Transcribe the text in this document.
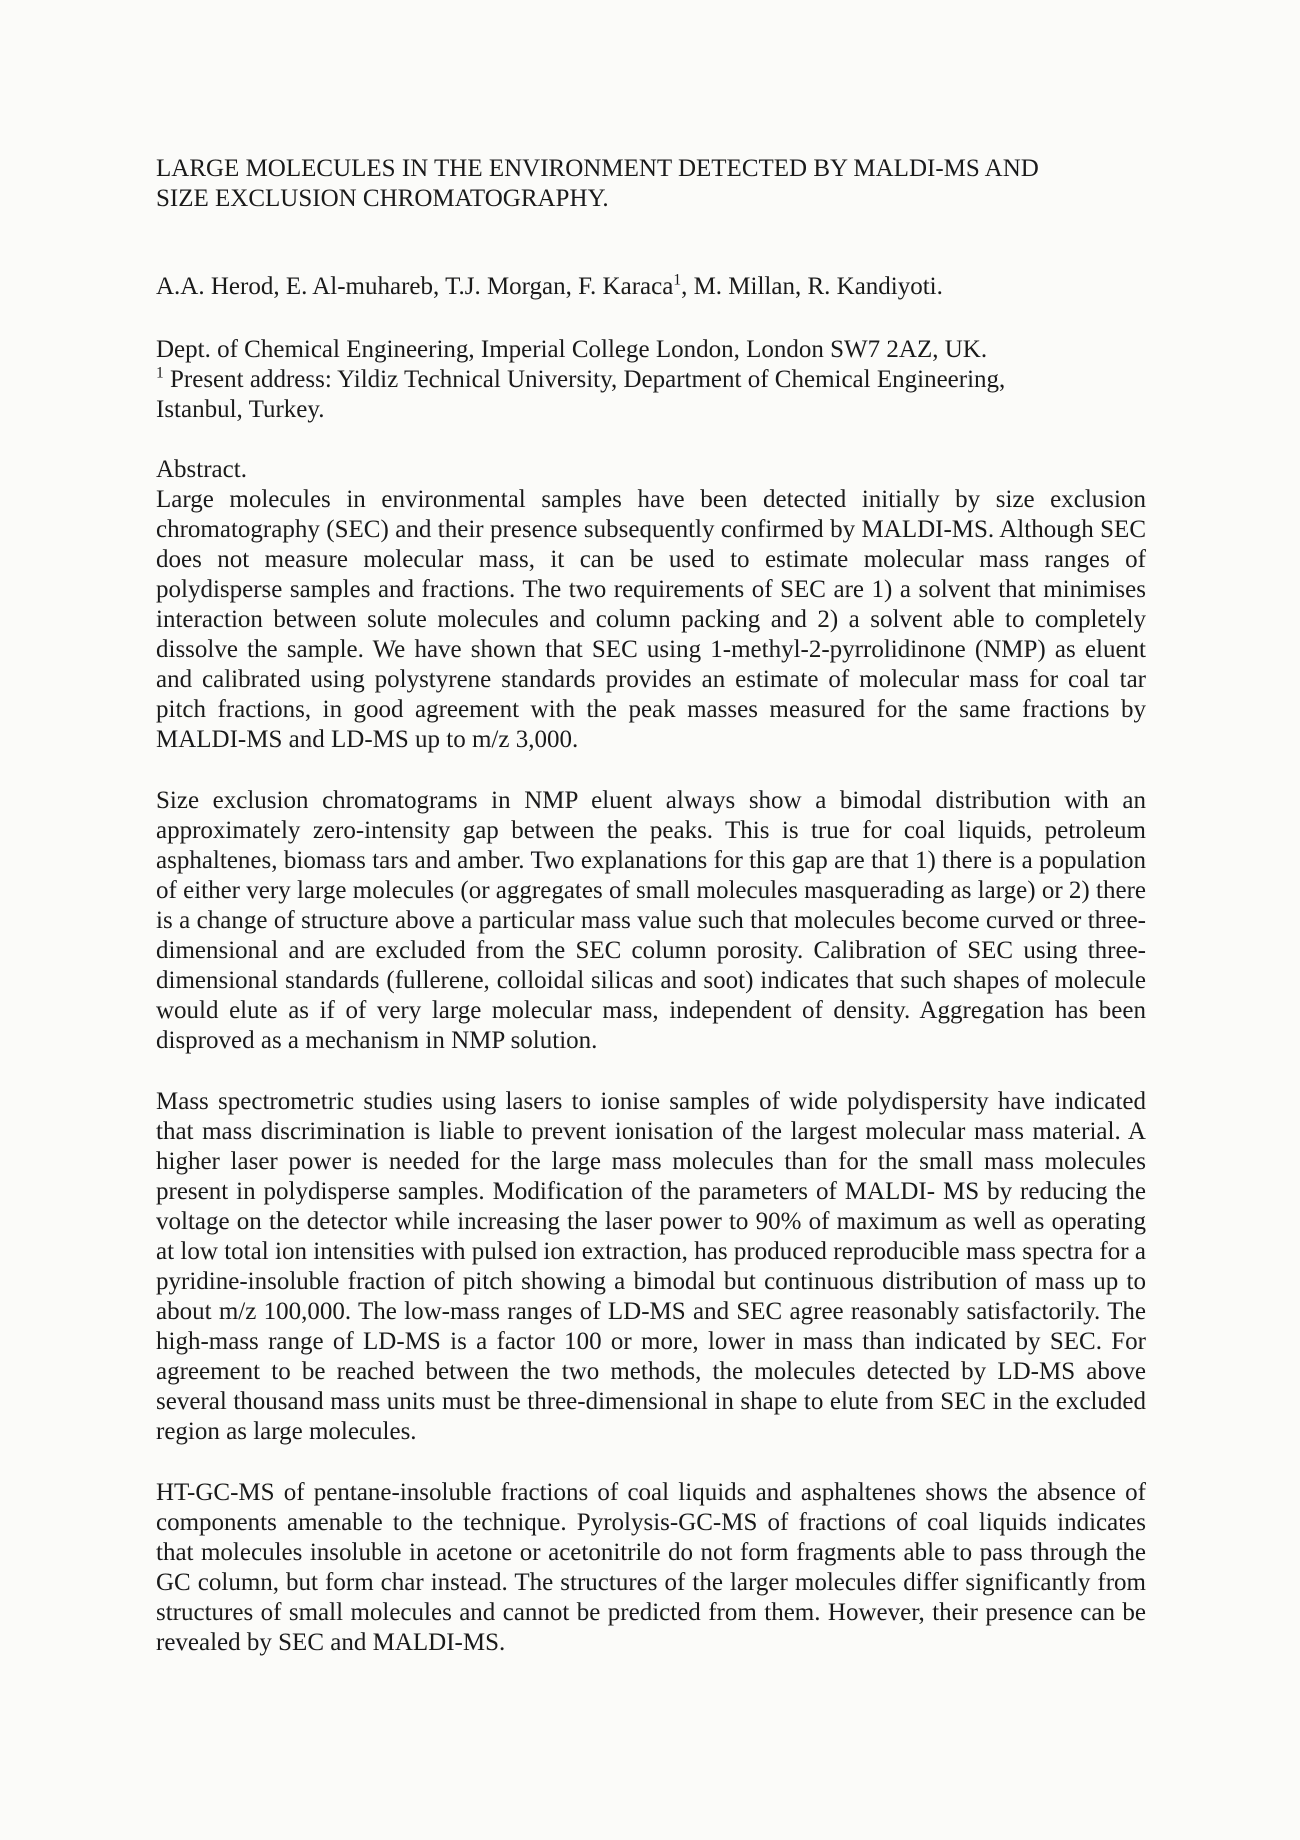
LARGE MOLECULES IN THE ENVIRONMENT DETECTED BY MALDI-MS AND
SIZE EXCLUSION CHROMATOGRAPHY.
A.A. Herod, E. Al-muhareb, T.J. Morgan, F. Karaca$^1$, M. Millan, R. Kandiyoti.
Dept. of Chemical Engineering, Imperial College London, London SW7 2AZ, UK.
$^1$ Present address: Yildiz Technical University, Department of Chemical Engineering,
Istanbul, Turkey.
Abstract.

Large molecules in environmental samples have been detected initially by size exclusion chromatography (SEC) and their presence subsequently confirmed by MALDI-MS. Although SEC does not measure molecular mass, it can be used to estimate molecular mass ranges of polydisperse samples and fractions. The two requirements of SEC are 1) a solvent that minimises interaction between solute molecules and column packing and 2) a solvent able to completely dissolve the sample. We have shown that SEC using 1-methyl-2-pyrrolidinone (NMP) as eluent and calibrated using polystyrene standards provides an estimate of molecular mass for coal tar pitch fractions, in good agreement with the peak masses measured for the same fractions by MALDI-MS and LD-MS up to m/z 3,000.

Size exclusion chromatograms in NMP eluent always show a bimodal distribution with an approximately zero-intensity gap between the peaks. This is true for coal liquids, petroleum asphaltenes, biomass tars and amber. Two explanations for this gap are that 1) there is a population of either very large molecules (or aggregates of small molecules masquerading as large) or 2) there is a change of structure above a particular mass value such that molecules become curved or three-dimensional and are excluded from the SEC column porosity. Calibration of SEC using three-dimensional standards (fullerene, colloidal silicas and soot) indicates that such shapes of molecule would elute as if of very large molecular mass, independent of density. Aggregation has been disproved as a mechanism in NMP solution.

Mass spectrometric studies using lasers to ionise samples of wide polydispersity have indicated that mass discrimination is liable to prevent ionisation of the largest molecular mass material. A higher laser power is needed for the large mass molecules than for the small mass molecules present in polydisperse samples. Modification of the parameters of MALDI- MS by reducing the voltage on the detector while increasing the laser power to 90% of maximum as well as operating at low total ion intensities with pulsed ion extraction, has produced reproducible mass spectra for a pyridine-insoluble fraction of pitch showing a bimodal but continuous distribution of mass up to about m/z 100,000. The low-mass ranges of LD-MS and SEC agree reasonably satisfactorily. The high-mass range of LD-MS is a factor 100 or more, lower in mass than indicated by SEC. For agreement to be reached between the two methods, the molecules detected by LD-MS above several thousand mass units must be three-dimensional in shape to elute from SEC in the excluded region as large molecules.

HT-GC-MS of pentane-insoluble fractions of coal liquids and asphaltenes shows the absence of components amenable to the technique. Pyrolysis-GC-MS of fractions of coal liquids indicates that molecules insoluble in acetone or acetonitrile do not form fragments able to pass through the GC column, but form char instead. The structures of the larger molecules differ significantly from structures of small molecules and cannot be predicted from them. However, their presence can be revealed by SEC and MALDI-MS.
